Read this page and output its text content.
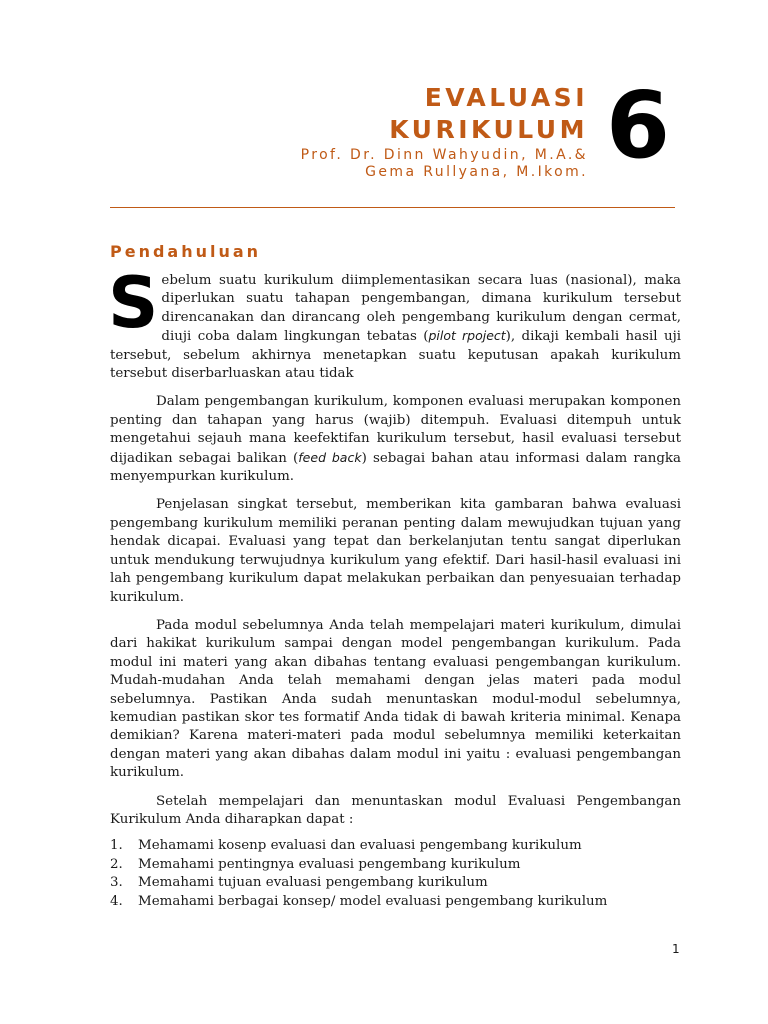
EVALUASI
KURIKULUM
Prof. Dr. Dinn Wahyudin, M.A.&
Gema Rullyana, M.Ikom. 6
Pendahuluan

Sebelum suatu kurikulum diimplementasikan secara luas (nasional), maka diperlukan suatu tahapan pengembangan, dimana kurikulum tersebut direncanakan dan dirancang oleh pengembang kurikulum dengan cermat, diuji coba dalam lingkungan tebatas (pilot rpoject), dikaji kembali hasil uji tersebut, sebelum akhirnya menetapkan suatu keputusan apakah kurikulum tersebut diserbarluaskan atau tidak

Dalam pengembangan kurikulum, komponen evaluasi merupakan komponen penting dan tahapan yang harus (wajib) ditempuh. Evaluasi ditempuh untuk mengetahui sejauh mana keefektifan kurikulum tersebut, hasil evaluasi tersebut dijadikan sebagai balikan (feed back) sebagai bahan atau informasi dalam rangka menyempurkan kurikulum.

Penjelasan singkat tersebut, memberikan kita gambaran bahwa evaluasi pengembang kurikulum memiliki peranan penting dalam mewujudkan tujuan yang hendak dicapai. Evaluasi yang tepat dan berkelanjutan tentu sangat diperlukan untuk mendukung terwujudnya kurikulum yang efektif. Dari hasil-hasil evaluasi ini lah pengembang kurikulum dapat melakukan perbaikan dan penyesuaian terhadap kurikulum.

Pada modul sebelumnya Anda telah mempelajari materi kurikulum, dimulai dari hakikat kurikulum sampai dengan model pengembangan kurikulum. Pada modul ini materi yang akan dibahas tentang evaluasi pengembangan kurikulum. Mudah-mudahan Anda telah memahami dengan jelas materi pada modul sebelumnya. Pastikan Anda sudah menuntaskan modul-modul sebelumnya, kemudian pastikan skor tes formatif Anda tidak di bawah kriteria minimal. Kenapa demikian? Karena materi-materi pada modul sebelumnya memiliki keterkaitan dengan materi yang akan dibahas dalam modul ini yaitu : evaluasi pengembangan kurikulum.

Setelah mempelajari dan menuntaskan modul Evaluasi Pengembangan Kurikulum Anda diharapkan dapat :

1.	Mehamami kosenp evaluasi dan evaluasi pengembang kurikulum
2.	Memahami pentingnya evaluasi pengembang kurikulum
3.	Memahami tujuan evaluasi pengembang kurikulum
4.	Memahami berbagai konsep/ model evaluasi pengembang kurikulum
1
